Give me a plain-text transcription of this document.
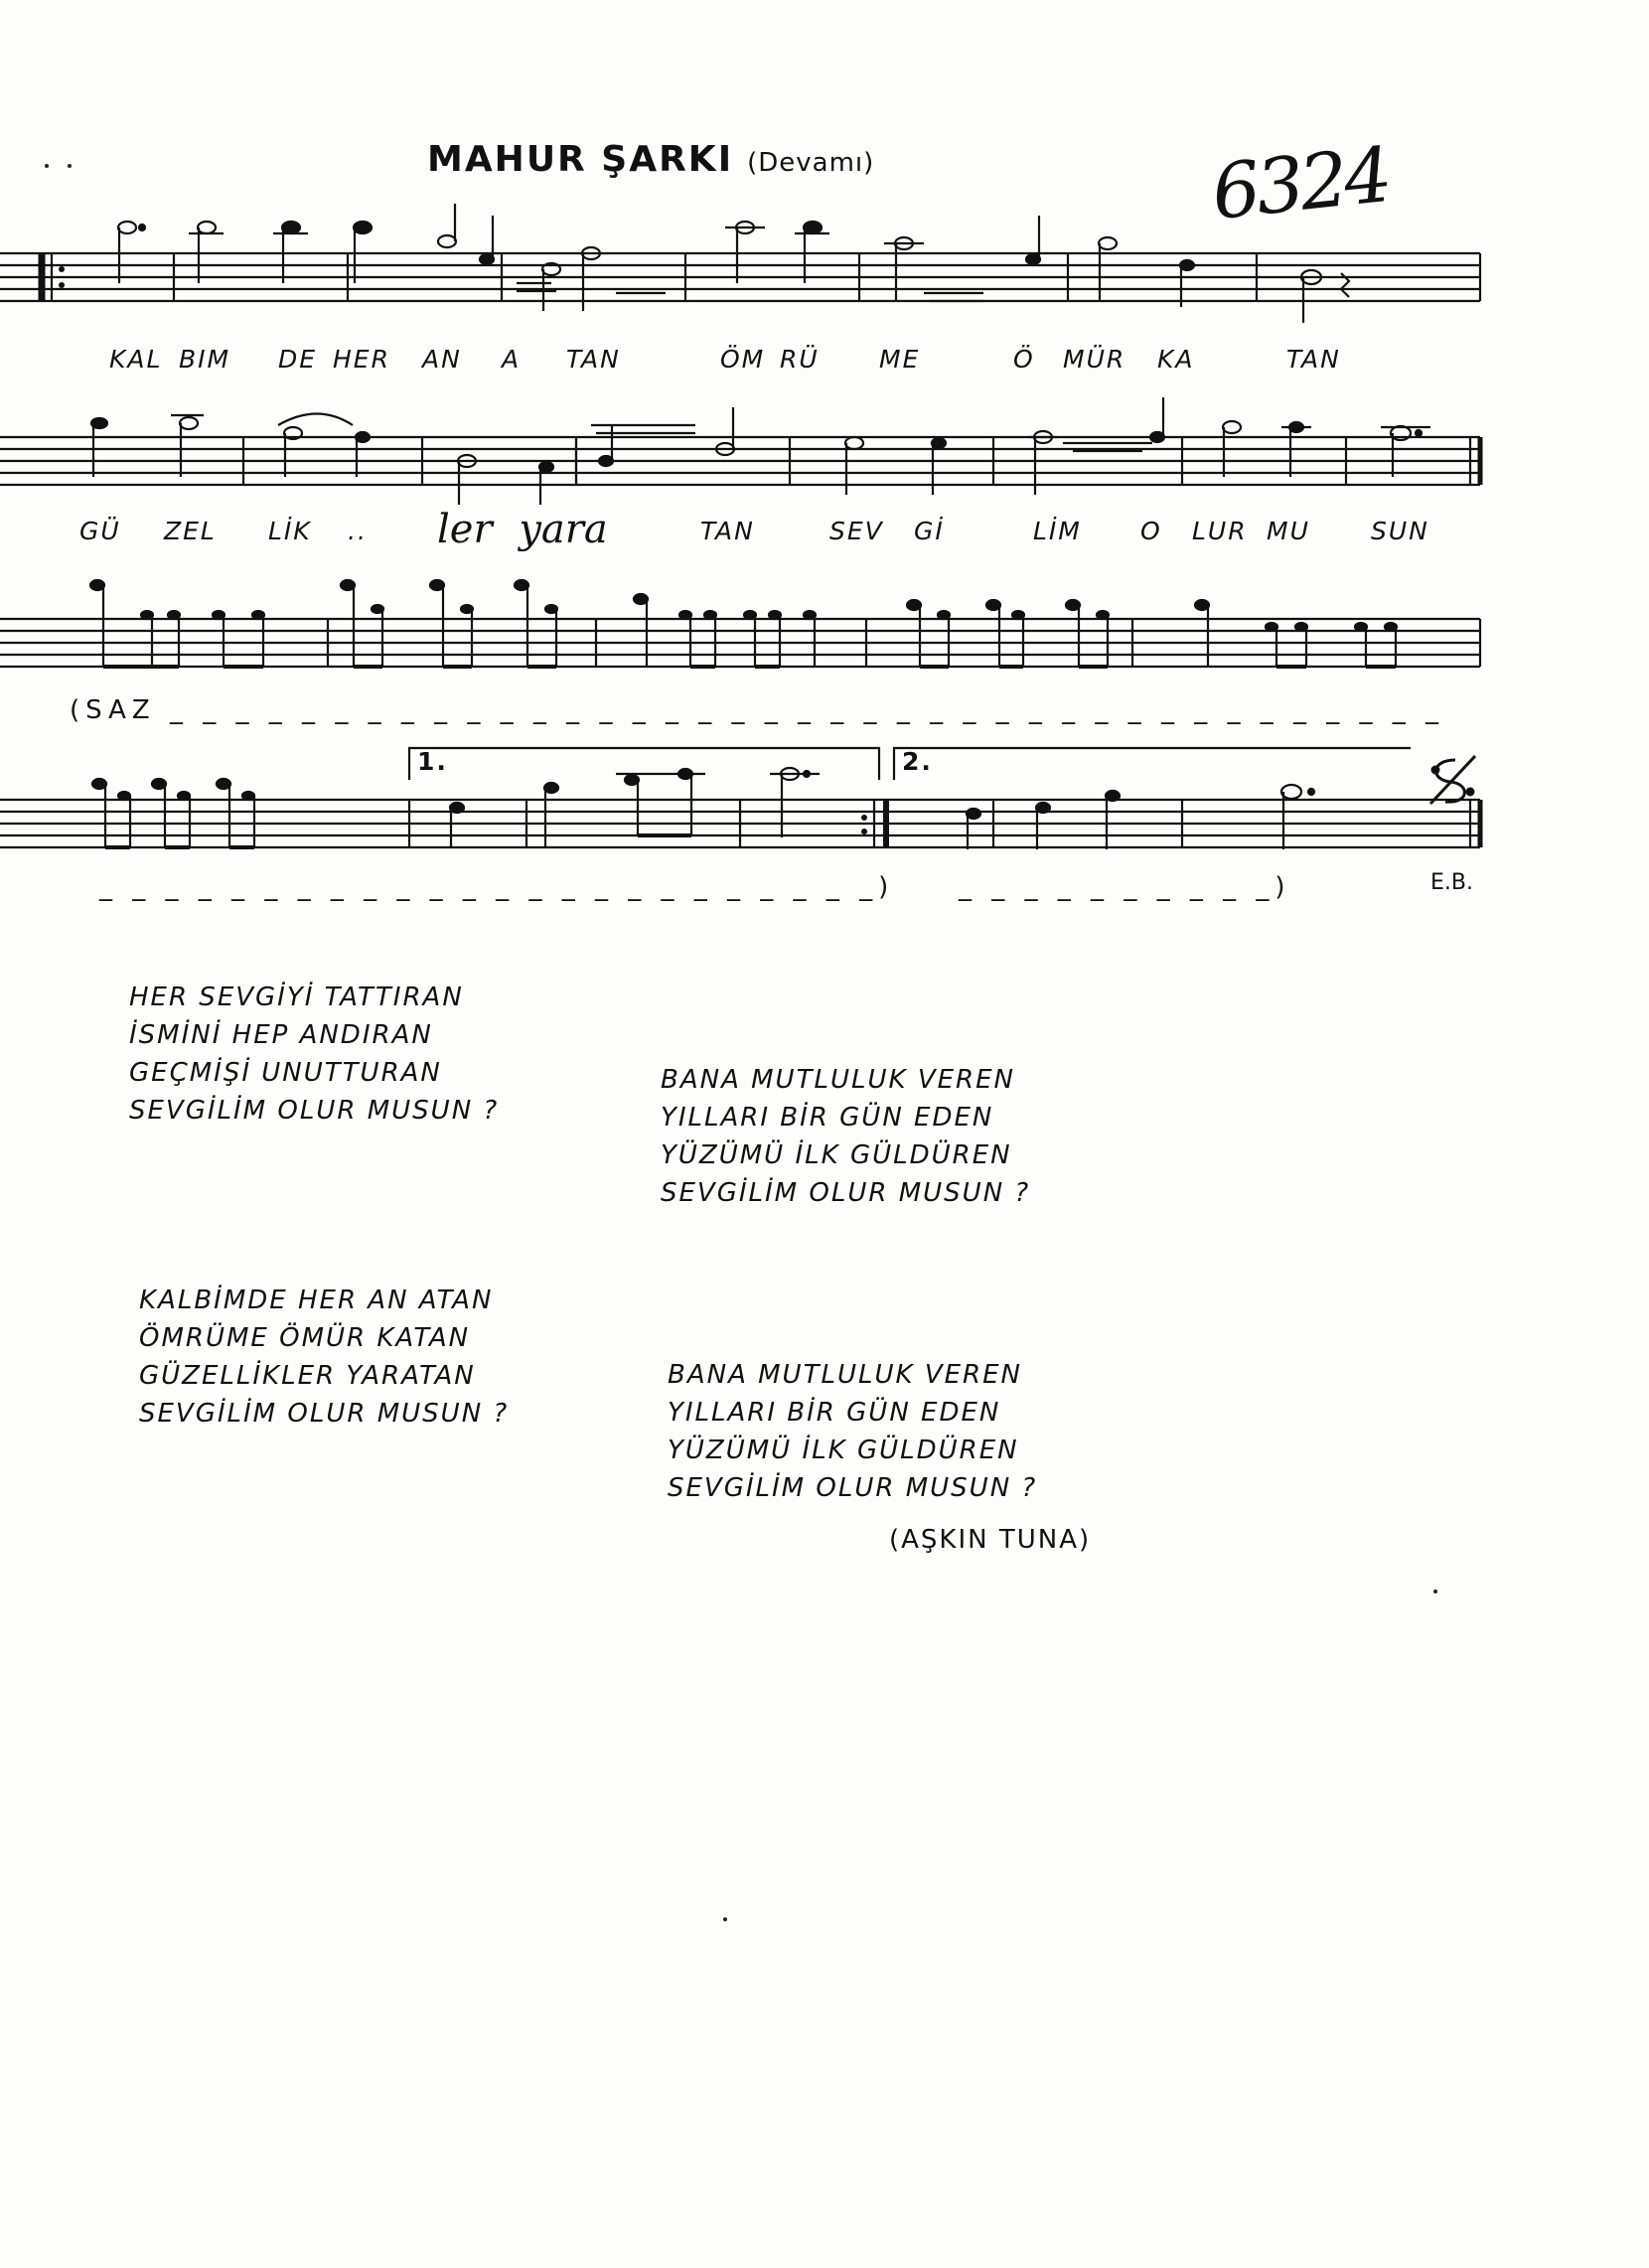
MAHUR ŞARKI (Devamı)	6324
KAL BIM DE HER AN A TAN	ÖM RÜ ME	Ö MÜR KA	TAN
GÜ ZEL LİK ..	TAN	SEV Gİ	LİM O LUR MU SUN
ler yara
(SAZ _ _ _ _ _ _ _ _ _ _ _ _ _ _ _ _ _ _ _ _ _ _ _ _ _ _ _ _ _ _ _ _ _ _ _ _ _ _ _
1.	2.
_ _ _ _ _ _ _ _ _ _ _ _ _ _ _ _ _ _ _ _ _ _ _ _) _ _ _ _ _ _ _ _ _ _)	E.B.
HER SEVGİYİ TATTIRAN
İSMİNİ HEP ANDIRAN
GEÇMİŞİ UNUTTURAN
SEVGİLİM OLUR MUSUN ?
BANA MUTLULUK VEREN
YILLARI BİR GÜN EDEN
YÜZÜMÜ İLK GÜLDÜREN
SEVGİLİM OLUR MUSUN ?
KALBİMDE HER AN ATAN
ÖMRÜME ÖMÜR KATAN
GÜZELLİKLER YARATAN
SEVGİLİM OLUR MUSUN ?
BANA MUTLULUK VEREN
YILLARI BİR GÜN EDEN
YÜZÜMÜ İLK GÜLDÜREN
SEVGİLİM OLUR MUSUN ?
(AŞKIN TUNA)
